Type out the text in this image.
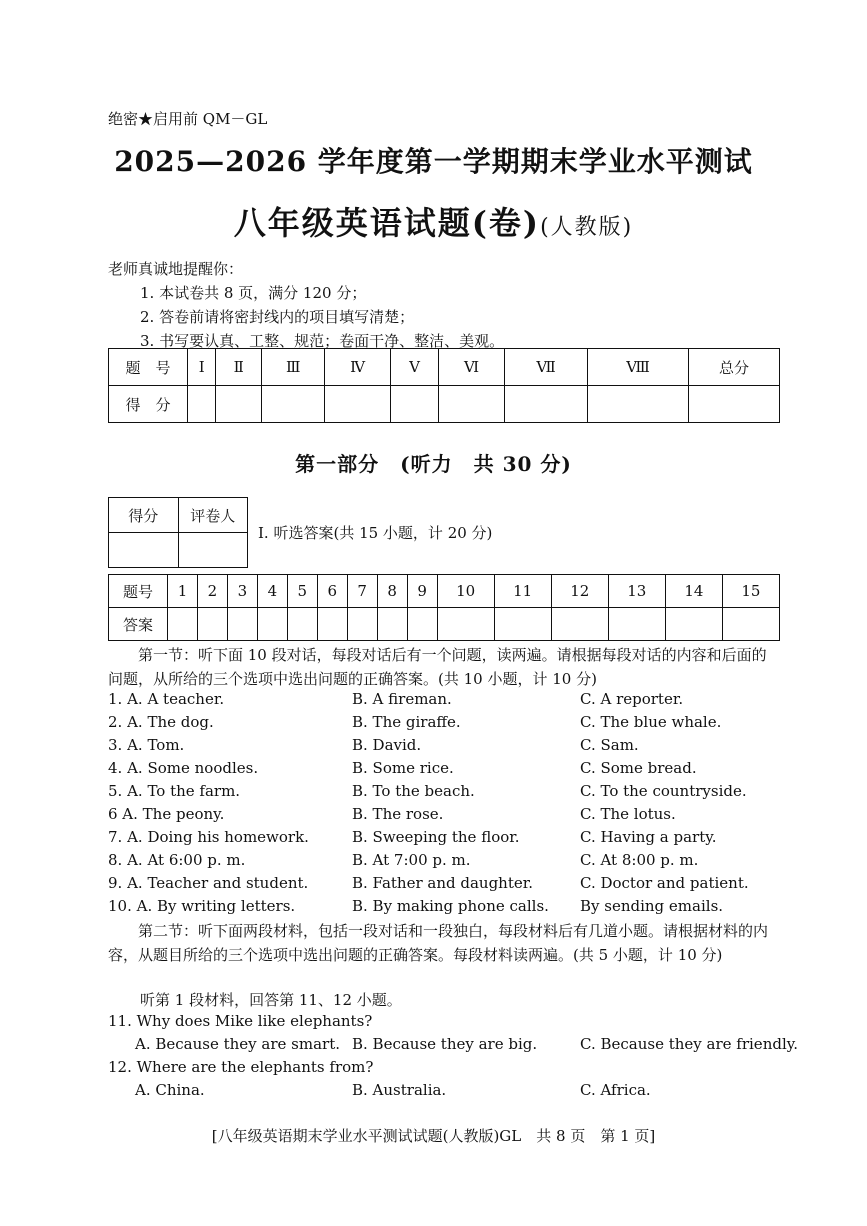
绝密★启用前 QM－GL
2025—2026 学年度第一学期期末学业水平测试
八年级英语试题(卷)(人教版)
老师真诚地提醒你：
1. 本试卷共 8 页，满分 120 分；
2. 答卷前请将密封线内的项目填写清楚；
3. 书写要认真、工整、规范；卷面干净、整洁、美观。
题　号	Ⅰ	Ⅱ	Ⅲ	Ⅳ	Ⅴ	Ⅵ	Ⅶ	Ⅷ	总分
得　分									
第一部分　(听力　共 30 分)
得分	评卷人

Ⅰ. 听选答案(共 15 小题，计 20 分)
题号	1	2	3	4	5	6	7	8	9	10	11	12	13	14	15
答案															
第一节：听下面 10 段对话，每段对话后有一个问题，读两遍。请根据每段对话的内容和后面的问题，从所给的三个选项中选出问题的正确答案。(共 10 小题，计 10 分)
1. A. A teacher.	B. A fireman.	C. A reporter.
2. A. The dog.	B. The giraffe.	C. The blue whale.
3. A. Tom.	B. David.	C. Sam.
4. A. Some noodles.	B. Some rice.	C. Some bread.
5. A. To the farm.	B. To the beach.	C. To the countryside.
6 A. The peony.	B. The rose.	C. The lotus.
7. A. Doing his homework.	B. Sweeping the floor.	C. Having a party.
8. A. At 6:00 p. m.	B. At 7:00 p. m.	C. At 8:00 p. m.
9. A. Teacher and student.	B. Father and daughter.	C. Doctor and patient.
10. A. By writing letters.	B. By making phone calls. By sending emails.
第二节：听下面两段材料，包括一段对话和一段独白，每段材料后有几道小题。请根据材料的内容，从题目所给的三个选项中选出问题的正确答案。每段材料读两遍。(共 5 小题，计 10 分)
听第 1 段材料，回答第 11、12 小题。
11. Why does Mike like elephants?
A. Because they are smart. B. Because they are big.	C. Because they are friendly.
12. Where are the elephants from?
A. China.	B. Australia.	C. Africa.
[八年级英语期末学业水平测试试题(人教版)GL　共 8 页　第 1 页]
